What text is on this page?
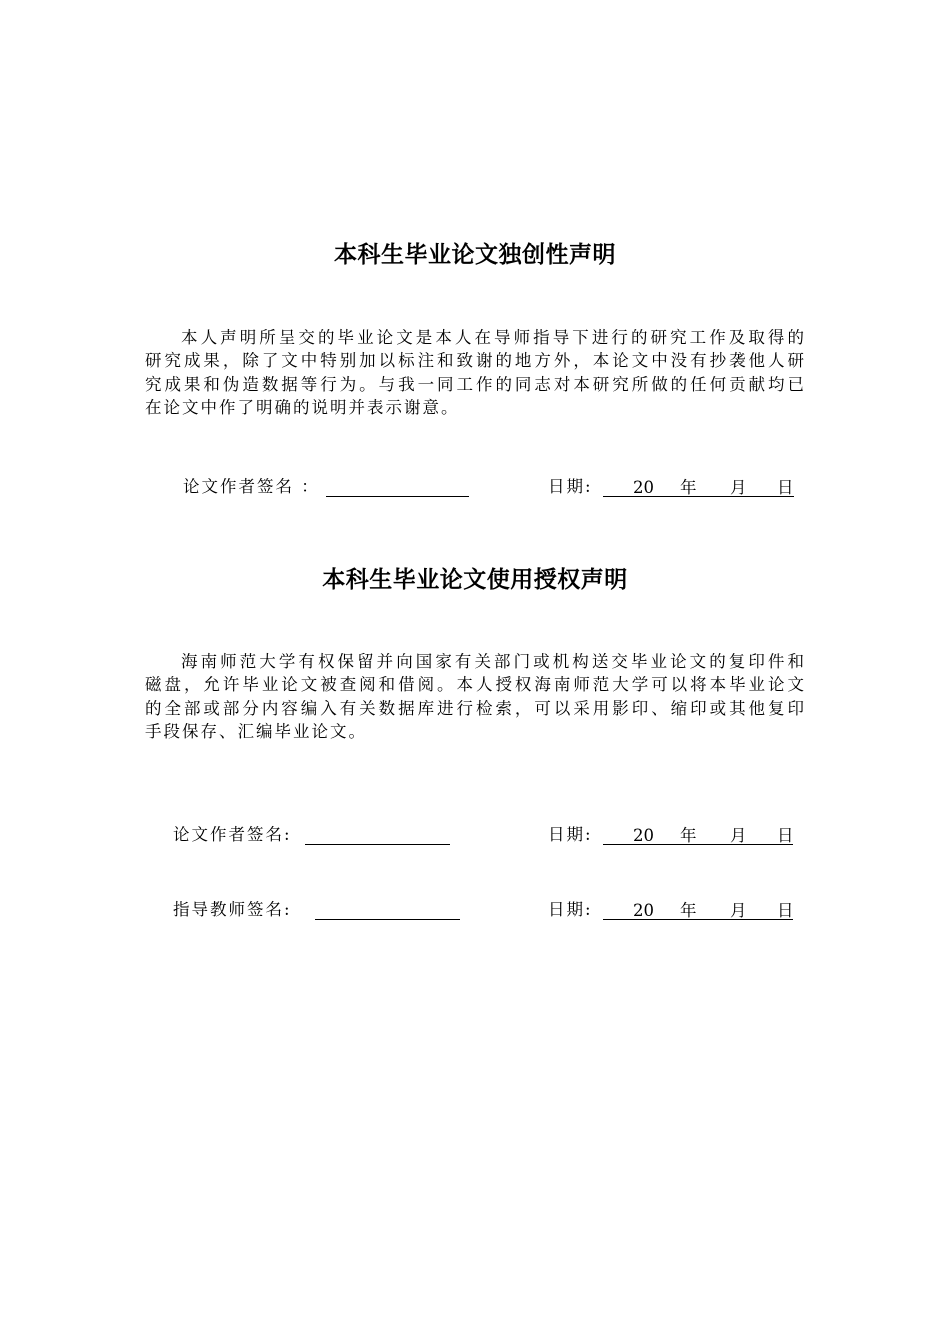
本科生毕业论文独创性声明

本人声明所呈交的毕业论文是本人在导师指导下进行的研究工作及取得的
研究成果，除了文中特别加以标注和致谢的地方外，本论文中没有抄袭他人研
究成果和伪造数据等行为。与我一同工作的同志对本研究所做的任何贡献均已
在论文中作了明确的说明并表示谢意。

论文作者签名 ：	日期: 20 年 月 日
本科生毕业论文使用授权声明

海南师范大学有权保留并向国家有关部门或机构送交毕业论文的复印件和
磁盘，允许毕业论文被查阅和借阅。本人授权海南师范大学可以将本毕业论文
的全部或部分内容编入有关数据库进行检索，可以采用影印、缩印或其他复印
手段保存、汇编毕业论文。

论文作者签名:	日期: 20 年 月 日
指导教师签名:	日期: 20 年 月 日
